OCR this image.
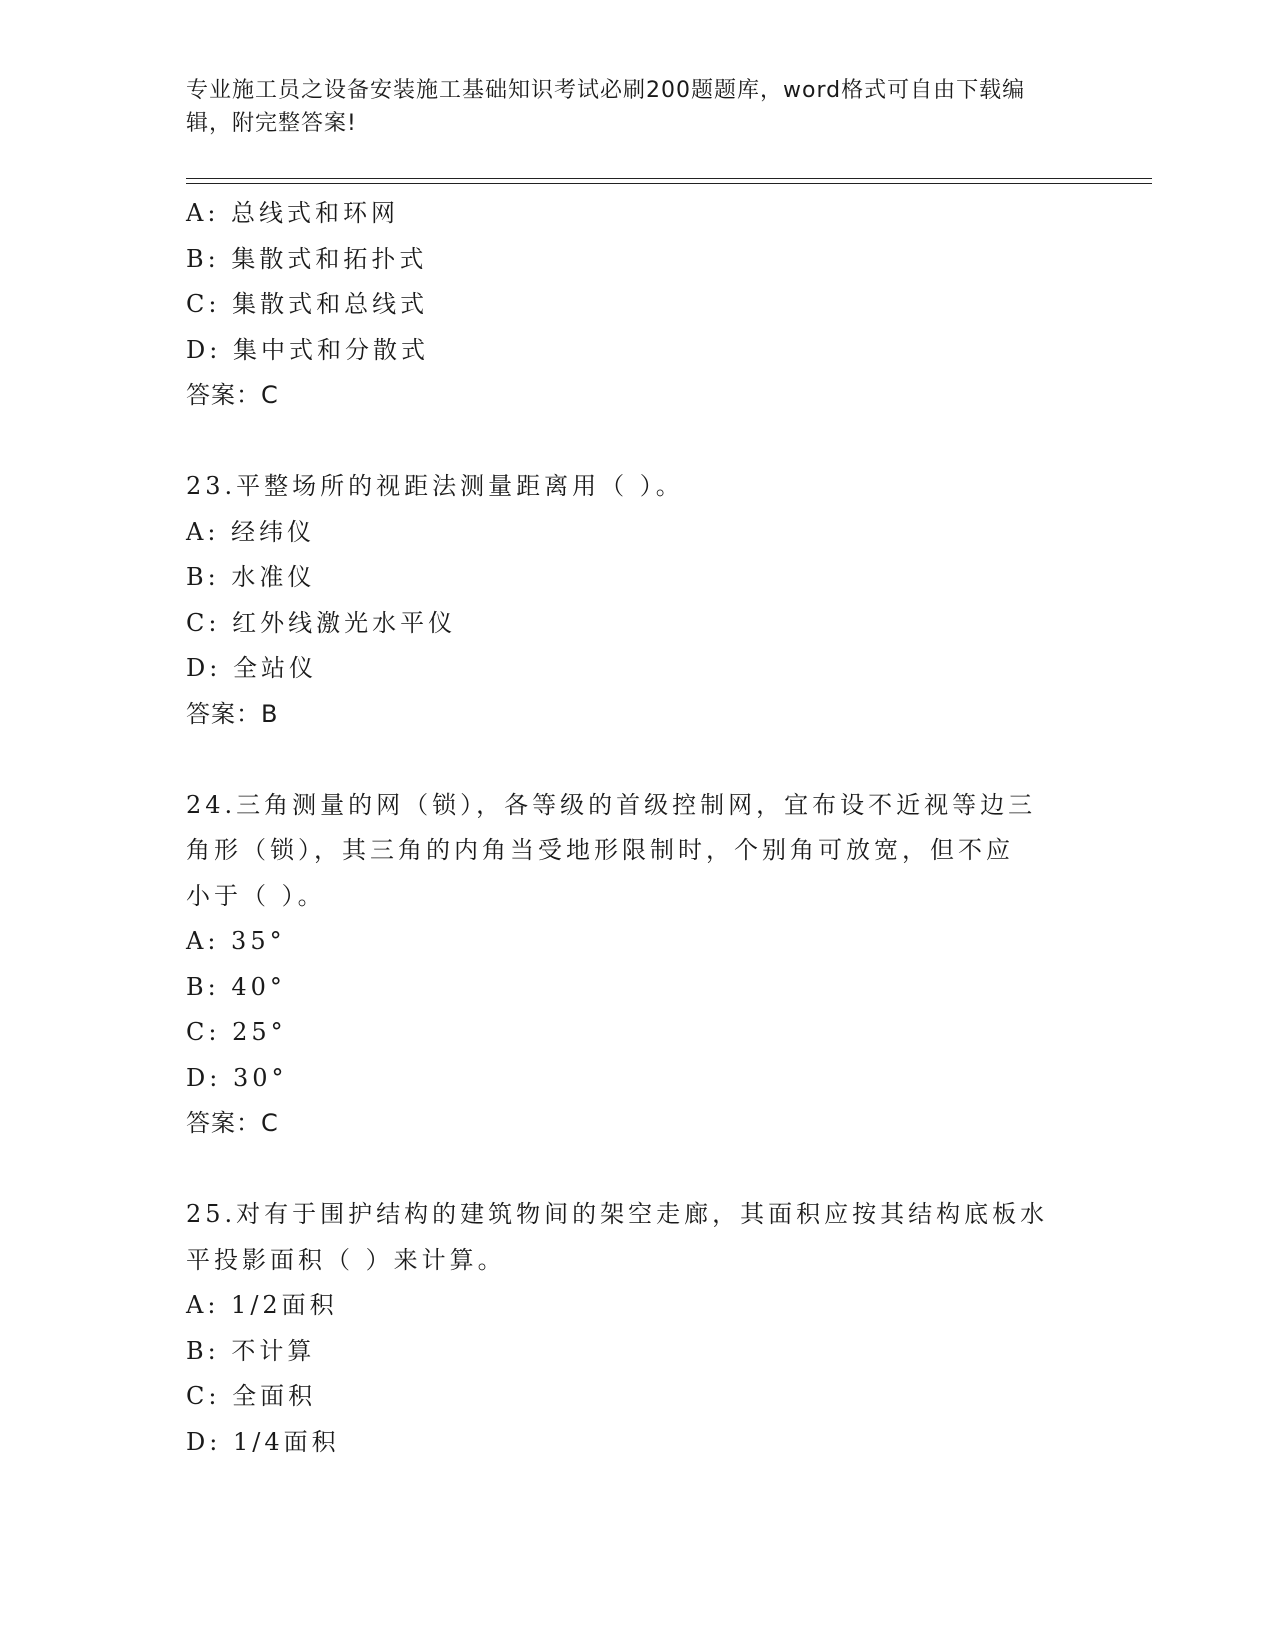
专业施工员之设备安装施工基础知识考试必刷200题题库，word格式可自由下载编辑，附完整答案!
A: 总线式和环网
B: 集散式和拓扑式
C: 集散式和总线式
D: 集中式和分散式
答案：C
23.平整场所的视距法测量距离用（ ）。
A: 经纬仪
B: 水准仪
C: 红外线激光水平仪
D: 全站仪
答案：B
24.三角测量的网（锁），各等级的首级控制网，宜布设不近视等边三
角形（锁），其三角的内角当受地形限制时，个别角可放宽，但不应
小于（ ）。
A: 35°
B: 40°
C: 25°
D: 30°
答案：C
25.对有于围护结构的建筑物间的架空走廊，其面积应按其结构底板水
平投影面积（ ）来计算。
A: 1/2面积
B: 不计算
C: 全面积
D: 1/4面积
